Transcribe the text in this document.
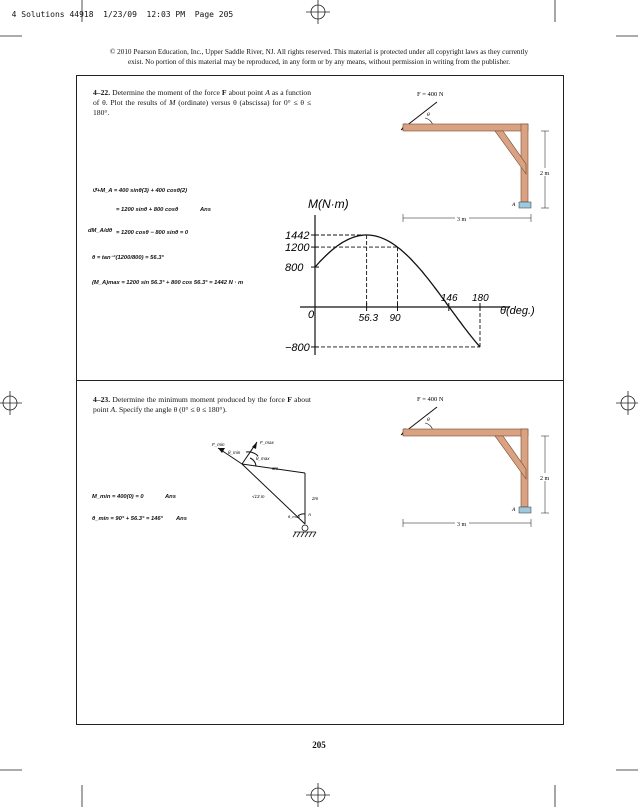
4 Solutions 44918 1/23/09 12:03 PM Page 205

© 2010 Pearson Education, Inc., Upper Saddle River, NJ. All rights reserved. This material is protected under all copyright laws as they currently
exist. No portion of this material may be reproduced, in any form or by any means, without permission in writing from the publisher.
4–22. Determine the moment of the force F about point A as a function of θ. Plot the results of M (ordinate) versus θ (abscissa) for 0° ≤ θ ≤ 180°.
F = 400 N
θ
A
3 m
2 m
↺+M_A = 400 sinθ(3) + 400 cosθ(2)
= 1200 sinθ + 800 cosθ	Ans
dM_A/dθ = 1200 cosθ − 800 sinθ = 0
θ = tan⁻¹(1200/800) = 56.3°
(M_A)max = 1200 sin 56.3° + 800 cos 56.3° = 1442 N · m
M(N·m)
θ(deg.)
0
1442
1200
800
−800
56.3 90
146 180
4–23. Determine the minimum moment produced by the force F about point A. Specify the angle θ (0° ≤ θ ≤ 180°).
F = 400 N
θ
A
3 m
2 m
F_min
θ_min
θ_max
F_max
3m
√13 m	2m
A
θ_max
M_min = 400(0) = 0	Ans
θ_min = 90° + 56.3° = 146° Ans
205
